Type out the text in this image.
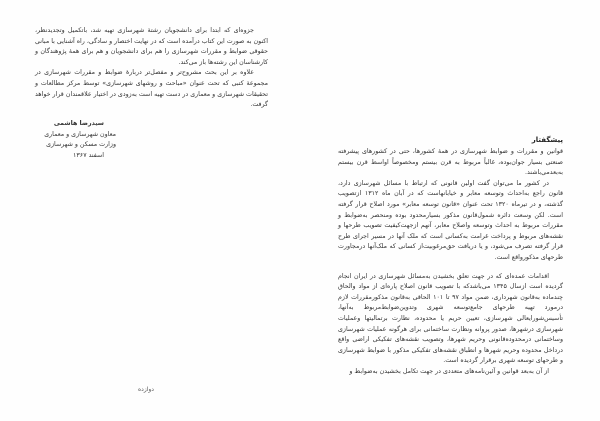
جزوه‌ای که ابتدا برای دانشجویان رشتهٔ شهرسازی تهیه شد، باتکمیل وتجدیدنظر، اکنون به صورت این کتاب درآمده است که در نهایت اختصار و سادگی، راه آشنایی با مبانی حقوقی ضوابط و مقررات شهرسازی را هم برای دانشجویان و هم برای همهٔ پژوهندگان و کارشناسان این رشته‌ها باز می‌کند.

علاوه بر این بحث مشروح‌تر و مفصل‌تر دربارهٔ ضوابط و مقررات شهرسازی در مجموعهٔ کتبی که تحت عنوان «مباحث و روشهای شهرسازی» توسط مرکز مطالعات و تحقیقات شهرسازی و معماری در دست تهیه است به‌زودی در اختیار علاقمندان قرار خواهد گرفت.

سیدرضا هاشمی
معاون شهرسازی و معماری
وزارت مسکن و شهرسازی
اسفند ۱۳۶۷
دوازده
پیشگفتار

قوانین و مقررات و ضوابط شهرسازی در همهٔ کشورها، حتی در کشورهای پیشرفته صنعتی بسیار جوان‌بوده، غالباً مربوط به قرن بیستم ومخصوصاً اواسط قرن بیستم به‌بعدمی‌باشند.

در کشور ما می‌توان گفت اولین قانونی که ارتباط با مسائل شهرسازی دارد، قانون راجع به‌احداث وتوسعه معابر و خیابانهاست که در آبان ماه ۱۳۱۲ ازتصویب گذشته، و در تیرماه ۱۳۲۰ تحت عنوان «قانون توسعه معابر» مورد اصلاح قرار گرفته است. لکن وسعت دائره شمول‌قانون مذکور بسیارمحدود بوده ومنحصر به‌ضوابط و مقررات مربوط به احداث وتوسعه واصلاح معابر، آنهم ازجهت‌کیفیت تصویب طرحها و نقشه‌های مربوط و پرداخت غرامت به‌کسانی است که ملک آنها در مسیر اجرای طرح قرار گرفته تصرف می‌شود، و یا دریافت حق‌مرغوبیت‌از کسانی که ملک‌آنها درمجاورت طرحهای مذکورواقع است.

اقدامات عمده‌ای که در جهت تعلق بخشیدن به‌مسائل شهرسازی در ایران انجام گردیده است ازسال ۱۳۴۵ می‌باشدکه با تصویب قانون اصلاح پاره‌ای از مواد والحاق چندماده به‌قانون شهرداری، ضمن مواد ۹۷ تا ۱۰۱ الحاقی به‌قانون مذکورمقررات لازم درمورد تهیه طرحهای جامع‌توسعه شهری وتدوین‌ضوابط‌مربوط به‌آنها، تأسیس‌شورایعالی شهرسازی، تعیین حریم یا محدوده، نظارت برتمالیتها وعملیات شهرسازی درشهرها، صدور پروانه ونظارت ساختمانی برای هرگونه عملیات شهرسازی وساختمانی درمحدوده‌قانونی وحریم شهرها، وتصویب نقشه‌های تفکیکی اراضی واقع درداخل محدوده وحریم شهرها و انطباق نقشه‌های تفکیکی مذکور با ضوابط شهرسازی و طرحهای توسعه شهری برقرار گردیده است.

از آن به‌بعد قوانین و آئین‌نامه‌های متعددی در جهت تکامل بخشیدن به‌ضوابط و
